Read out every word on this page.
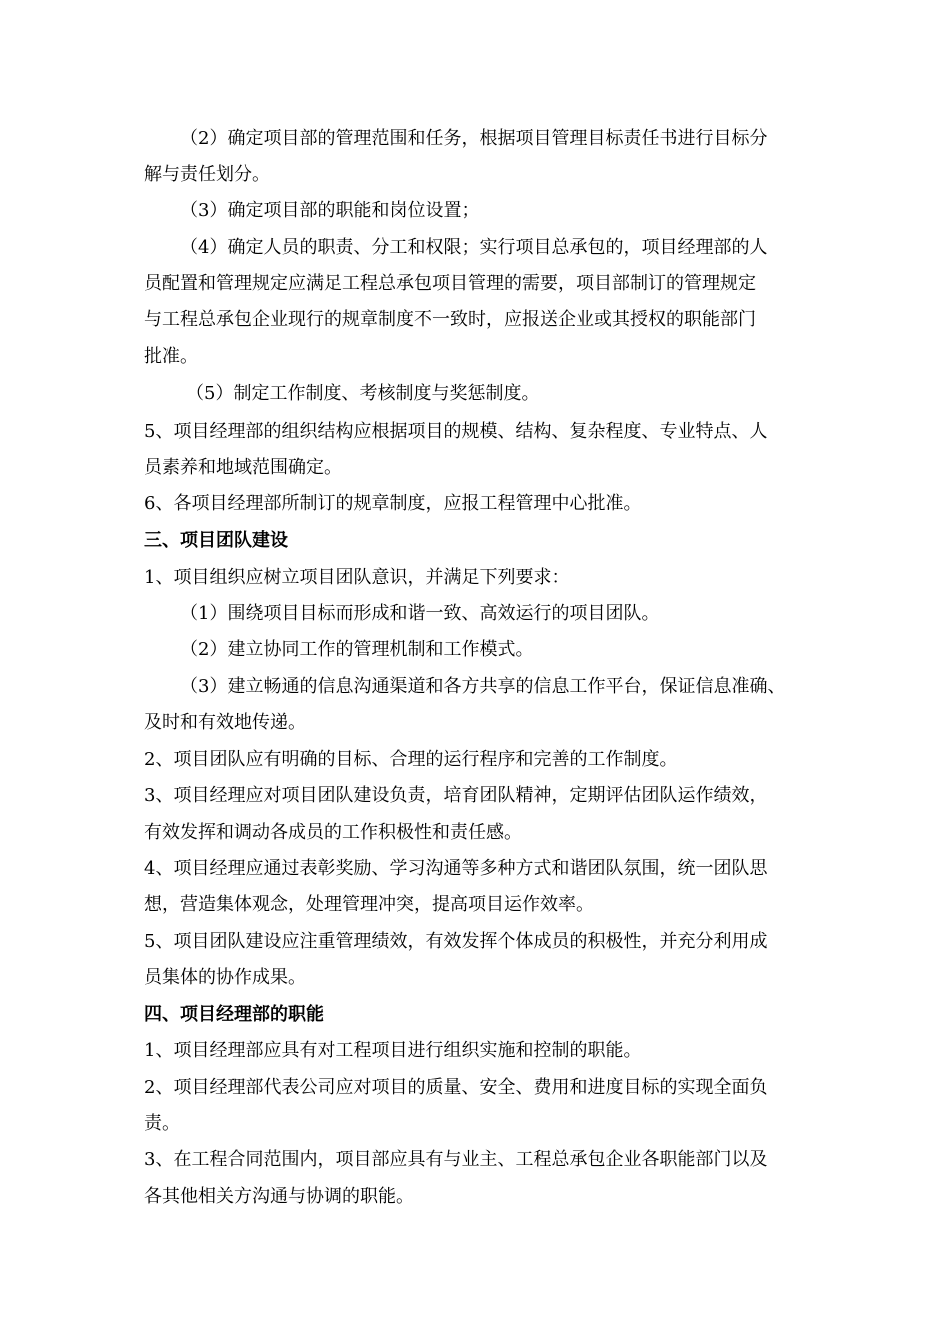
（2）确定项目部的管理范围和任务，根据项目管理目标责任书进行目标分
解与责任划分。
（3）确定项目部的职能和岗位设置；
（4）确定人员的职责、分工和权限；实行项目总承包的，项目经理部的人
员配置和管理规定应满足工程总承包项目管理的需要，项目部制订的管理规定
与工程总承包企业现行的规章制度不一致时，应报送企业或其授权的职能部门
批准。
（5）制定工作制度、考核制度与奖惩制度。
5、项目经理部的组织结构应根据项目的规模、结构、复杂程度、专业特点、人
员素养和地域范围确定。
6、各项目经理部所制订的规章制度，应报工程管理中心批准。
三、项目团队建设
1、项目组织应树立项目团队意识，并满足下列要求：
（1）围绕项目目标而形成和谐一致、高效运行的项目团队。
（2）建立协同工作的管理机制和工作模式。
（3）建立畅通的信息沟通渠道和各方共享的信息工作平台，保证信息准确、
及时和有效地传递。
2、项目团队应有明确的目标、合理的运行程序和完善的工作制度。
3、项目经理应对项目团队建设负责，培育团队精神，定期评估团队运作绩效，
有效发挥和调动各成员的工作积极性和责任感。
4、项目经理应通过表彰奖励、学习沟通等多种方式和谐团队氛围，统一团队思
想，营造集体观念，处理管理冲突，提高项目运作效率。
5、项目团队建设应注重管理绩效，有效发挥个体成员的积极性，并充分利用成
员集体的协作成果。
四、项目经理部的职能
1、项目经理部应具有对工程项目进行组织实施和控制的职能。
2、项目经理部代表公司应对项目的质量、安全、费用和进度目标的实现全面负
责。
3、在工程合同范围内，项目部应具有与业主、工程总承包企业各职能部门以及
各其他相关方沟通与协调的职能。
